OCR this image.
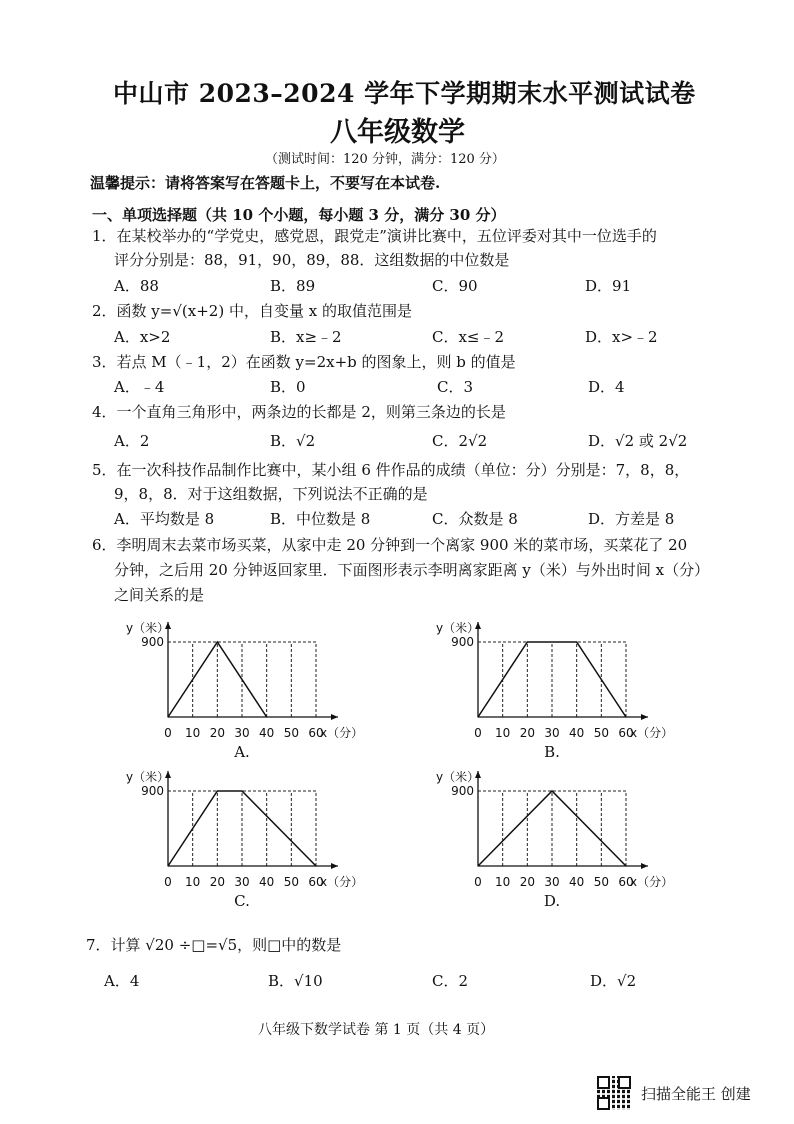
中山市 2023–2024 学年下学期期末水平测试试卷
八年级数学
（测试时间：120 分钟，满分：120 分）
温馨提示：请将答案写在答题卡上，不要写在本试卷.
一、单项选择题（共 10 个小题，每小题 3 分，满分 30 分）
1．在某校举办的“学党史，感党恩，跟党走”演讲比赛中，五位评委对其中一位选手的
评分分别是：88，91，90，89，88．这组数据的中位数是
A．88	B．89	C．90	D．91
2．函数 y=√(x+2) 中，自变量 x 的取值范围是
A．x>2	B．x≥﹣2	C．x≤﹣2	D．x>﹣2
3．若点 M（﹣1，2）在函数 y=2x+b 的图象上，则 b 的值是
A．﹣4	B．0	C．3	D．4
4．一个直角三角形中，两条边的长都是 2，则第三条边的长是
A．2	B．√2	C．2√2	D．√2 或 2√2
5．在一次科技作品制作比赛中，某小组 6 件作品的成绩（单位：分）分别是：7，8，8，
9，8，8．对于这组数据，下列说法不正确的是
A．平均数是 8	B．中位数是 8	C．众数是 8	D．方差是 8
6．李明周末去菜市场买菜，从家中走 20 分钟到一个离家 900 米的菜市场，买菜花了 20
分钟，之后用 20 分钟返回家里．下面图形表示李明离家距离 y（米）与外出时间 x（分）
之间关系的是
y（米）
x（分）
0 10 20 30 40 50 60
900
A.
y（米）
x（分）
0 10 20 30 40 50 60
900
B.
y（米）
x（分）
0 10 20 30 40 50 60
900
C.
y（米）
x（分）
0 10 20 30 40 50 60
900
D.
7．计算 √20 ÷□=√5，则□中的数是
A．4	B．√10	C．2	D．√2
八年级下数学试卷 第 1 页（共 4 页）
扫描全能王 创建
